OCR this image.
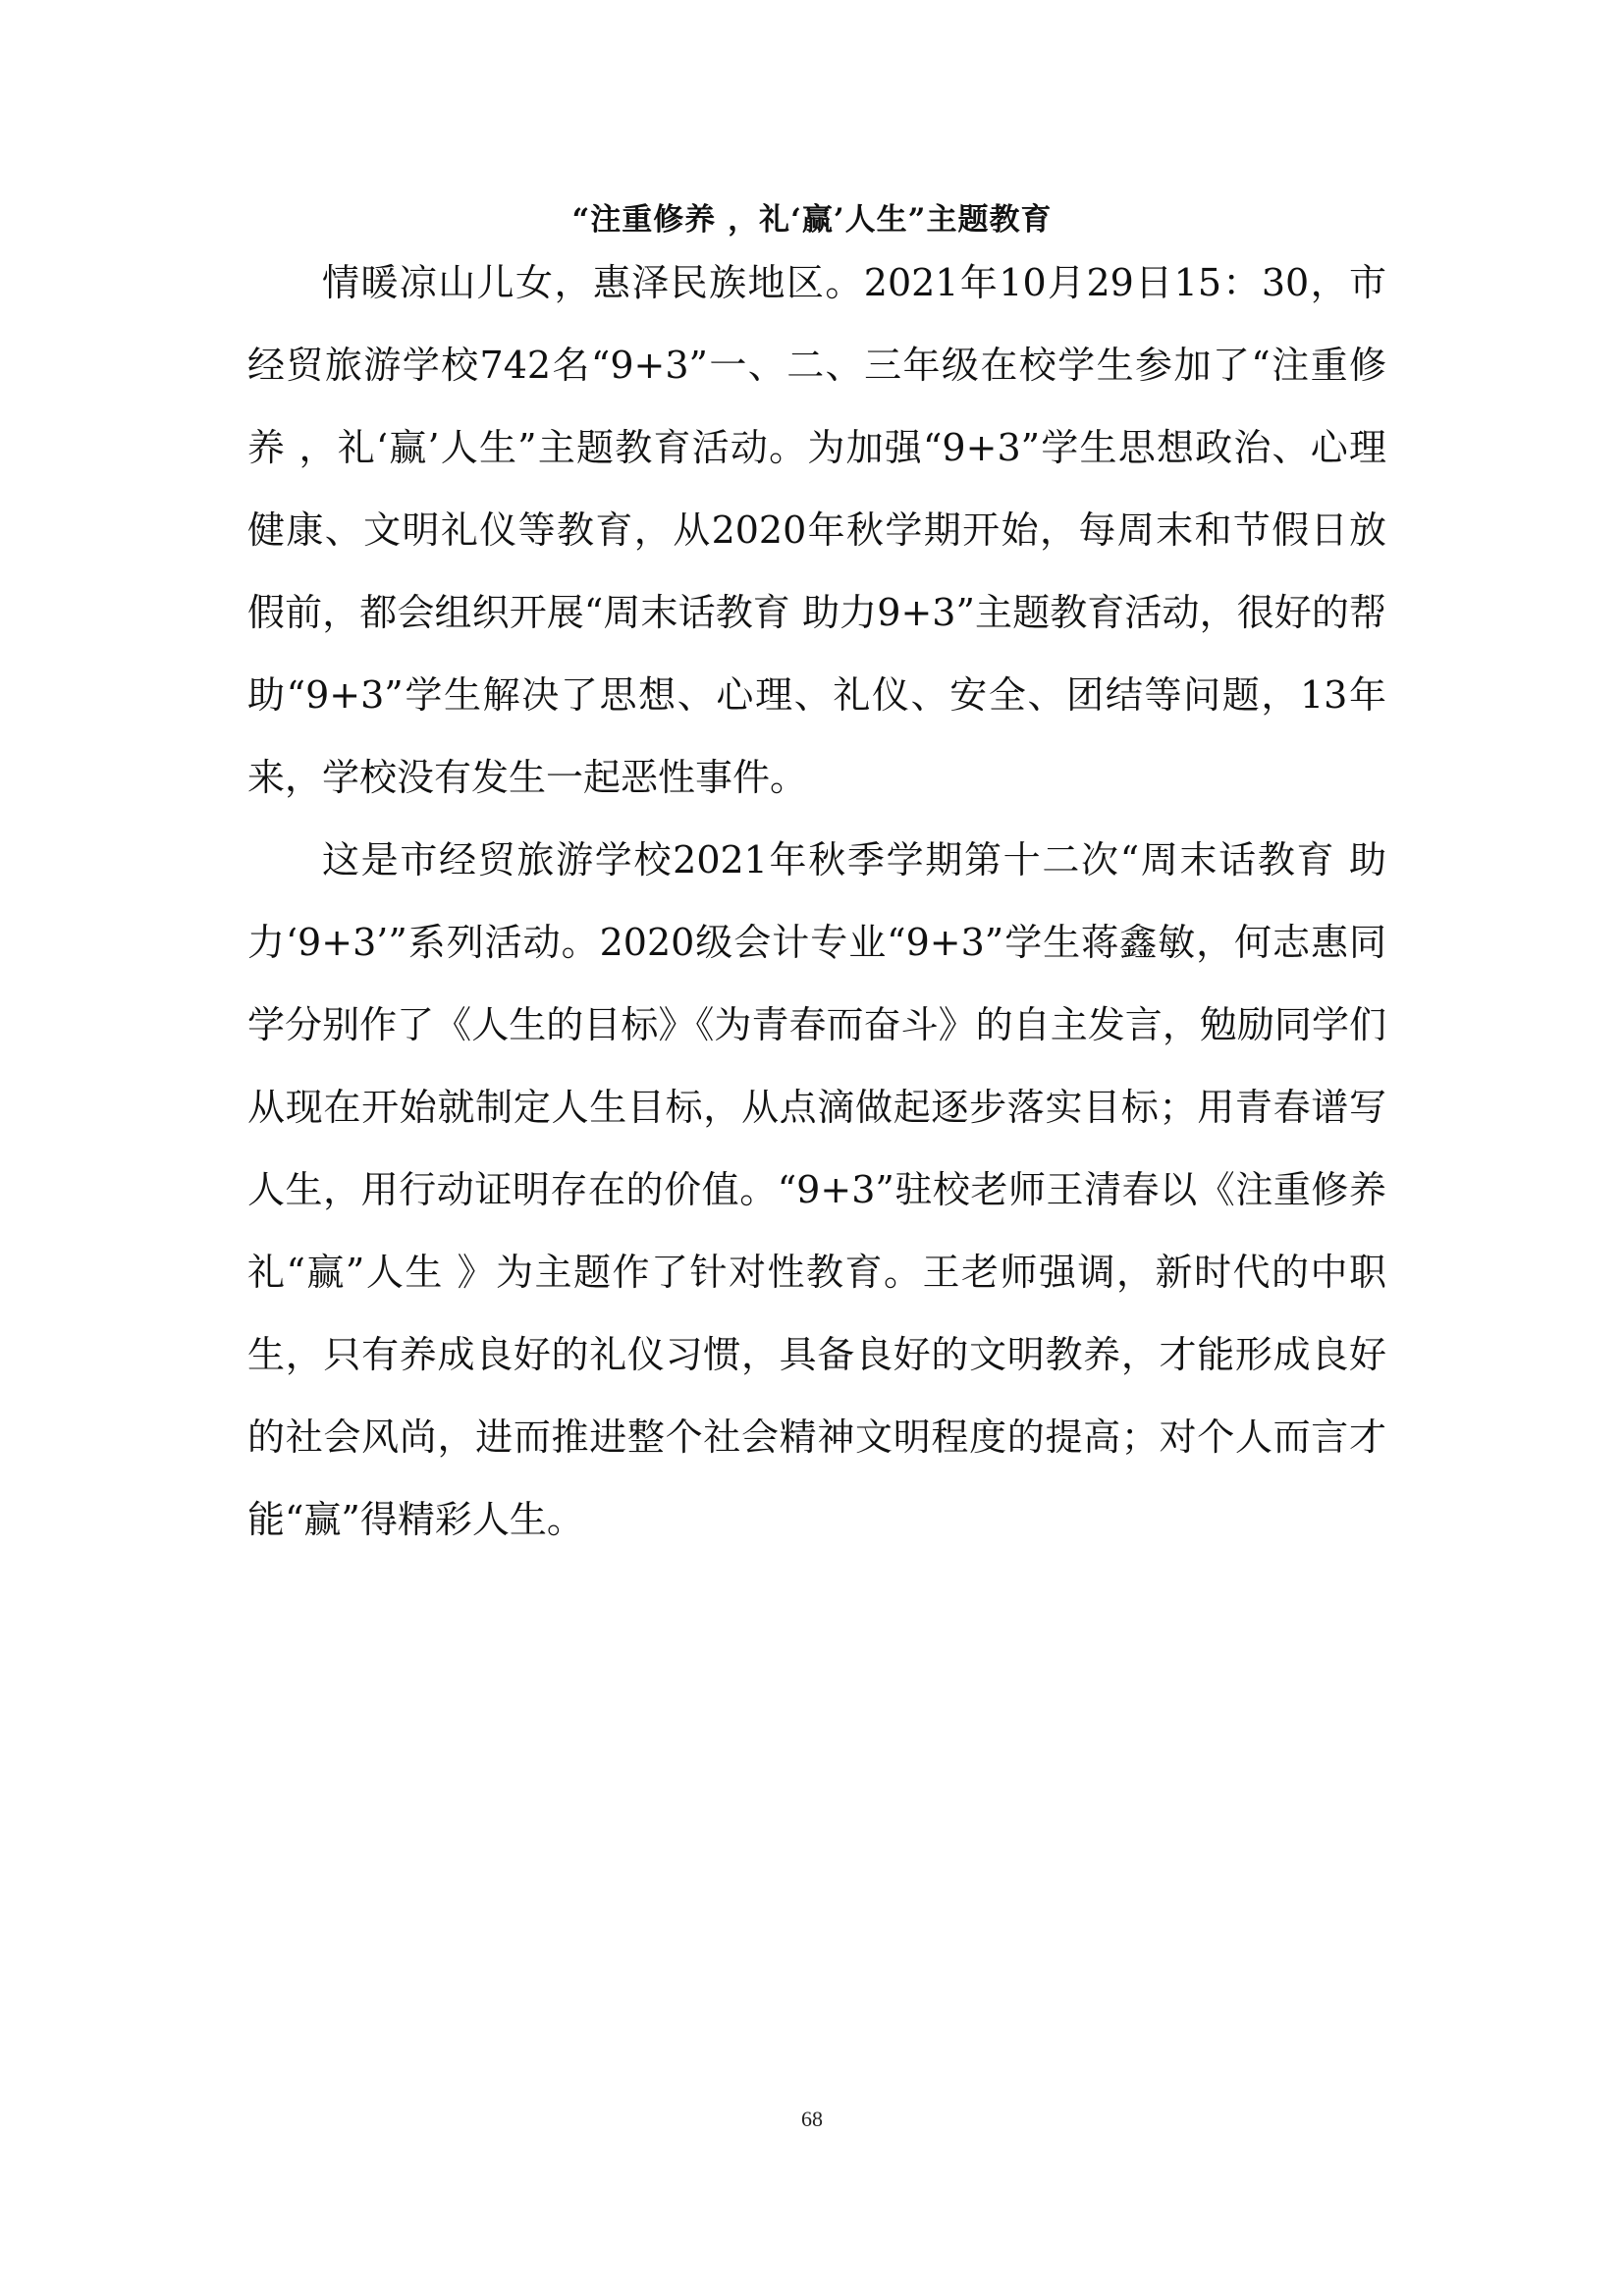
“注重修养 ，礼‘赢’人生”主题教育

情暖凉山儿女，惠泽民族地区。2021年10月29日15：30，市经贸旅游学校742名“9+3”一、二、三年级在校学生参加了“注重修养 ，礼‘赢’人生”主题教育活动。为加强“9+3”学生思想政治、心理健康、文明礼仪等教育，从2020年秋学期开始，每周末和节假日放假前，都会组织开展“周末话教育 助力9+3”主题教育活动，很好的帮助“9+3”学生解决了思想、心理、礼仪、安全、团结等问题，13年来，学校没有发生一起恶性事件。

这是市经贸旅游学校2021年秋季学期第十二次“周末话教育 助力‘9+3’”系列活动。2020级会计专业“9+3”学生蒋鑫敏，何志惠同学分别作了《人生的目标》《为青春而奋斗》的自主发言，勉励同学们从现在开始就制定人生目标，从点滴做起逐步落实目标；用青春谱写人生，用行动证明存在的价值。“9+3”驻校老师王清春以《注重修养 礼“赢”人生 》为主题作了针对性教育。王老师强调，新时代的中职生，只有养成良好的礼仪习惯，具备良好的文明教养，才能形成良好的社会风尚，进而推进整个社会精神文明程度的提高；对个人而言才能“赢”得精彩人生。

68
